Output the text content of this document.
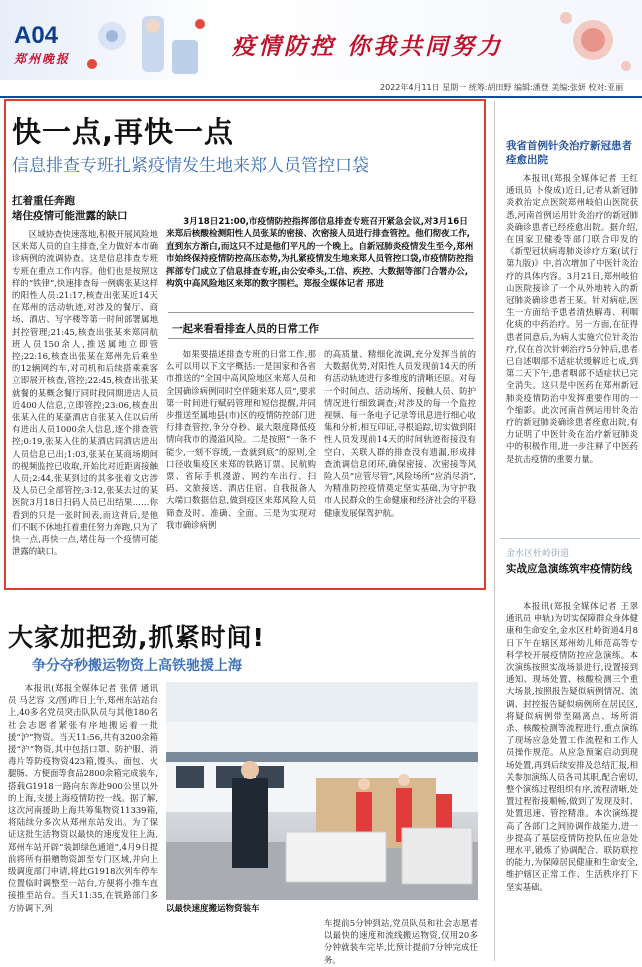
A04
郑州晚报	疫情防控 你我共同努力
2022年4月11日 星期一 统筹:胡田野 编辑:潘登 美编:张妍 校对:亚丽
快一点,再快一点
信息排查专班扎紧疫情发生地来郑人员管控口袋
扛着重任奔跑
堵住疫情可能泄露的缺口

区域协查快速落地,积极开展风险地区来郑人员的自主排查,全力做好本市确诊病例的流调协查。这是信息排查专班专班在重点工作内容。他们也是按照这样的“铁律”,快速排查每一例瘸张某这样的阳性人员:21:17,核查出张某近14天在郑州的活动轨迹,对涉及的餐厅、商场、酒店、写字楼等第一时间部署属地封控管理;21:45,核查出张某来郑同航班人员150余人,推送属地立即管控;22:16,核查出张某在郑州先后乘坐的12辆网约车,对司机和后续搭乘乘客立即展开核查,管控;22:45,核查出张某就餐的某概念餐厅同时段同期进店人员近400人信息,立即管控;23:06,核查出张某入住的某豪酒店自张某入住以后所有进出人员1000余人信息,逐个排查管控;0:19,张某入住的某酒店同酒店进出人员信息已出;1:03,张某在某商场期间的视频监控已收取,开始比对近距离接触人员;2:44,张某到过的其多张着文店涉及人员已全部管控;3:12,张某去过的某医院3月18日扫码人员已出结果……你看到的只是一张时间表,而这背后,是他们不眠不休地扛着重任努力奔跑,只为了快一点,再快一点,堵住每一个疫情可能泄露的缺口。

3月18日21:00,市疫情防控指挥部信息排查专班召开紧急会议,对3月16日来郑后核酸检测阳性人员张某的密接、次密接人员进行排查管控。他们彻夜工作,直到东方渐白,而这只不过是他们平凡的一个晚上。自新冠肺炎疫情发生至今,郑州市始终保持疫情防控高压态势,为扎紧疫情发生地来郑人员管控口袋,市疫情防控指挥部专门成立了信息排查专班,由公安牵头,工信、疾控、大数据等部门合署办公,构筑中高风险地区来郑的数字围栏。郑报全媒体记者 邢进

一起来看看排查人员的日常工作

如果要描述排查专班的日常工作,那么可以用以下文字概括:一是国家和各省市推送的“全国中高风险地区来郑人员和全国确诊病例同时空伴随来郑人员”,要求第一时间进行赋码管理和短信提醒,并同步推送至属地县(市)区的疫情防控部门进行排查管控,争分夺秒、最大限度降低疫情向我市的漫溢风险。二是按照“一条不能少,一刻不容缓,一查就到底”的原则,全口径收集疫区来郑的铁路订票、民航购票、省际手机漫游、网约车出行、扫码、文旅接送、酒店住宿、自我报备人大端口数据信息,做到疫区来郑风险人员筛查及时、准确、全面。三是为实现对我市确诊病例

的高质量、精细化流调,充分发挥当前的大数据优势,对阳性人员发现前14天的所有活动轨迹进行多维度的清晰还原。对每一个时间点、活动场所、接触人员、防护情况进行细致调查;对涉及的每一个监控视频、每一条电子记录等讯息进行细心收集和分析,相互印证,寻根追踪,切实做到阳性人员发现前14天的时间轨迹衔接没有空白、关联人群的排查没有遗漏,形成排查流调信息闭环,确保密接、次密接等风险人员“应管尽管”,风险场所“应消尽消”,为精准防控疫情奠定坚实基础,为守护我市人民群众的生命健康和经济社会的平稳健康发展保驾护航。

我省首例针灸治疗新冠患者痊愈出院

本报讯(郑报全媒体记者 王红 通讯员 卜俊成)近日,记者从新冠肺炎救治定点医院郑州岐伯山医院获悉,河南首例运用针灸治疗的新冠肺炎确诊患者已经痊愈出院。据介绍,在国家卫健委等部门联合印发的《新型冠状病毒肺炎诊疗方案(试行第九版)》中,首次增加了中医针灸治疗的具体内容。3月21日,郑州岐伯山医院接诊了一个从外地转入的新冠肺炎确诊患者王某。针对病症,医生一方面给予患者清热解毒、利咽化痰的中药治疗。另一方面,在征得患者同意后,为病人实施穴位针灸治疗,仅在首次针刺治疗5分钟后,患者已自述咽部不适症状缓解近七成,到第二天下午,患者咽部不适症状已完全消失。这只是中医药在郑州新冠肺炎疫情防治中发挥重要作用的一个缩影。此次河南首例运用针灸治疗的新冠肺炎确诊患者痊愈出院,有力证明了中医针灸在治疗新冠肺炎中的积极作用,进一步注释了中医药是抗击疫情的重要力量。

金水区杜岭街道
实战应急演练筑牢疫情防线

本报讯(郑报全媒体记者 王翠 通讯员 申轨)为切实保障群众身体健康和生命安全,金水区杜岭街道4月8日下午在辖区郑州幼儿师范高等专科学校开展疫情防控应急演练。本次演练按照实战场景进行,设置接到通知、现场处置、核酸检测三个重大场景,按照报告疑似病例情况、流调、封控报告疑似病例所在居民区,将疑似病例带至隔离点、场所消杀、核酸检测等流程进行,重点演练了现场应急处置工作流程和工作人员操作规范。从应急预案启动到现场处置,再到后续安排及总结汇报,相关参加演练人员各司其职,配合密切,整个演练过程组织有序,流程清晰,处置过程衔接顺畅,做到了发现及时、处置迅速、管控精准。本次演练提高了各部门之间协调作战能力,进一步提高了基层疫情防控队伍应急处理水平,锻炼了协调配合、联防联控的能力,为保障居民健康和生命安全,维护辖区正常工作、生活秩序打下坚实基础。

大家加把劲,抓紧时间!
争分夺秒搬运物资上高铁驰援上海

本报讯(郑报全媒体记者 张倩 通讯员 马艺容 文/图)昨日上午,郑州东站站台上,40多名党员突击队队员与其他180名社会志愿者紧张有序地搬运着一批援“沪”物资。当天11:56,共有3200余箱援“沪”物资,其中包括口罩、防护服、消毒片等防疫物资423箱,馒头、面包、火腿肠、方便面等食品2800余箱完成装车,搭载G1918一路向东奔赴900公里以外的上海,支援上海疫情防控一线。据了解,这次河南援助上海共筹集物资11339箱,将陆续分多次从郑州东站发出。为了保证这批生活物资以最快的速度发往上海,郑州车站开辟“装卸绿色通道”,4月9日提前将所有捐赠物资卸至专门区域,并向上级调度部门申请,将此G1918次列车停车位置临时调整至一站台,方便将小推车直接推至站台。当天11:35,在铁路部门多方协调下,列	以最快速度搬运物资装车

车提前5分钟到站,党员队员和社会志愿者以最快的速度和流线搬运物资,仅用20多分钟就装车完毕,比预计提前7分钟完成任务。
